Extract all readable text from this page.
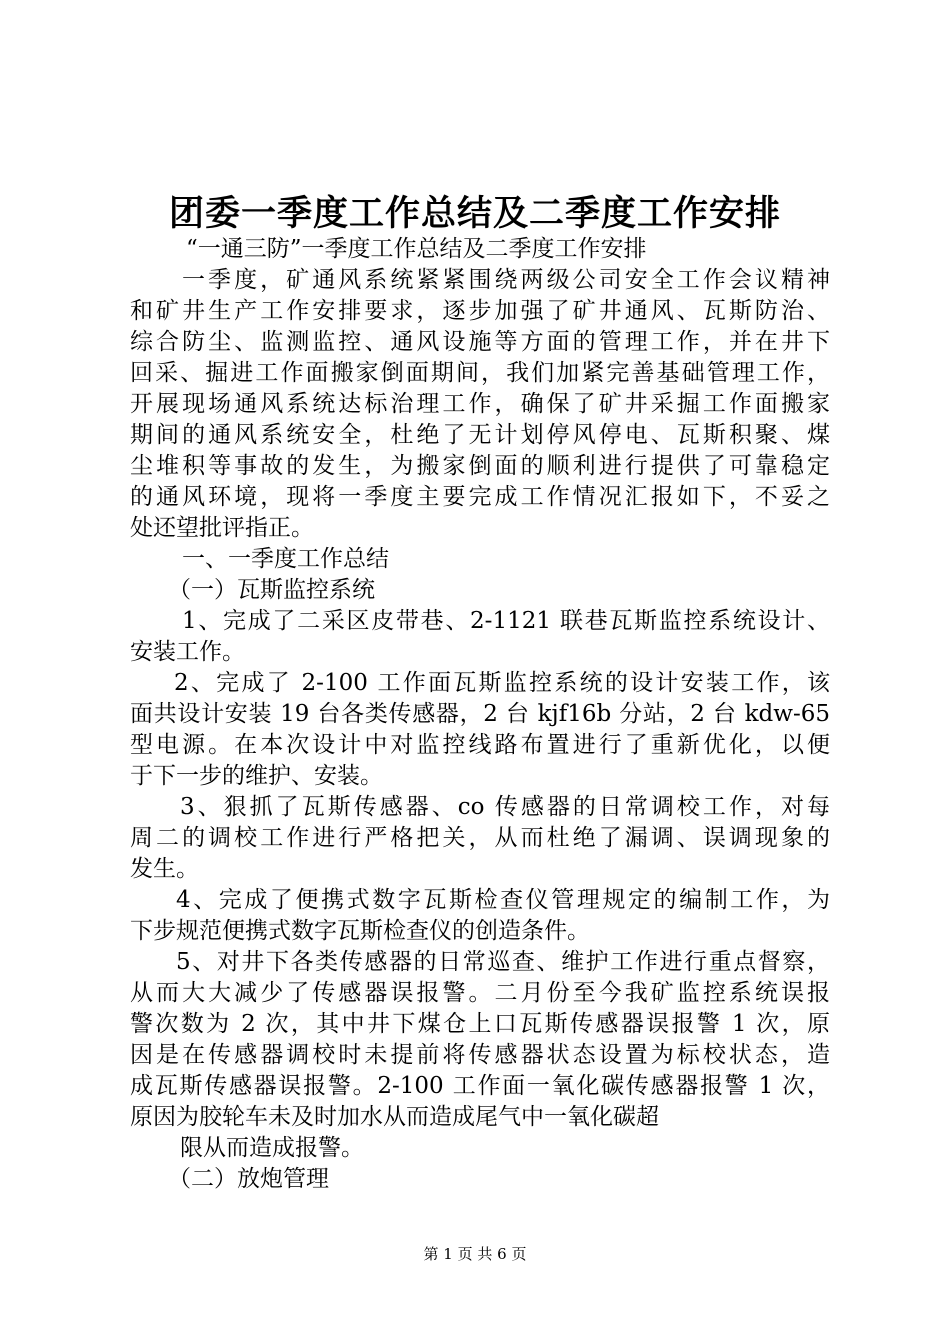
团委一季度工作总结及二季度工作安排
“一通三防”一季度工作总结及二季度工作安排
一季度，矿通风系统紧紧围绕两级公司安全工作会议精神
和矿井生产工作安排要求，逐步加强了矿井通风、瓦斯防治、
综合防尘、监测监控、通风设施等方面的管理工作，并在井下
回采、掘进工作面搬家倒面期间，我们加紧完善基础管理工作，
开展现场通风系统达标治理工作，确保了矿井采掘工作面搬家
期间的通风系统安全，杜绝了无计划停风停电、瓦斯积聚、煤
尘堆积等事故的发生，为搬家倒面的顺利进行提供了可靠稳定
的通风环境，现将一季度主要完成工作情况汇报如下，不妥之
处还望批评指正。
一、一季度工作总结
（一）瓦斯监控系统
1、完成了二采区皮带巷、2-1121 联巷瓦斯监控系统设计、
安装工作。
2、完成了 2-100 工作面瓦斯监控系统的设计安装工作，该
面共设计安装 19 台各类传感器，2 台 kjf16b 分站，2 台 kdw-65
型电源。在本次设计中对监控线路布置进行了重新优化，以便
于下一步的维护、安装。
3、狠抓了瓦斯传感器、co 传感器的日常调校工作，对每
周二的调校工作进行严格把关，从而杜绝了漏调、误调现象的
发生。
4、完成了便携式数字瓦斯检查仪管理规定的编制工作，为
下步规范便携式数字瓦斯检查仪的创造条件。
5、对井下各类传感器的日常巡查、维护工作进行重点督察，
从而大大减少了传感器误报警。二月份至今我矿监控系统误报
警次数为 2 次，其中井下煤仓上口瓦斯传感器误报警 1 次，原
因是在传感器调校时未提前将传感器状态设置为标校状态，造
成瓦斯传感器误报警。2-100 工作面一氧化碳传感器报警 1 次，
原因为胶轮车未及时加水从而造成尾气中一氧化碳超
限从而造成报警。
（二）放炮管理
第 1 页 共 6 页
